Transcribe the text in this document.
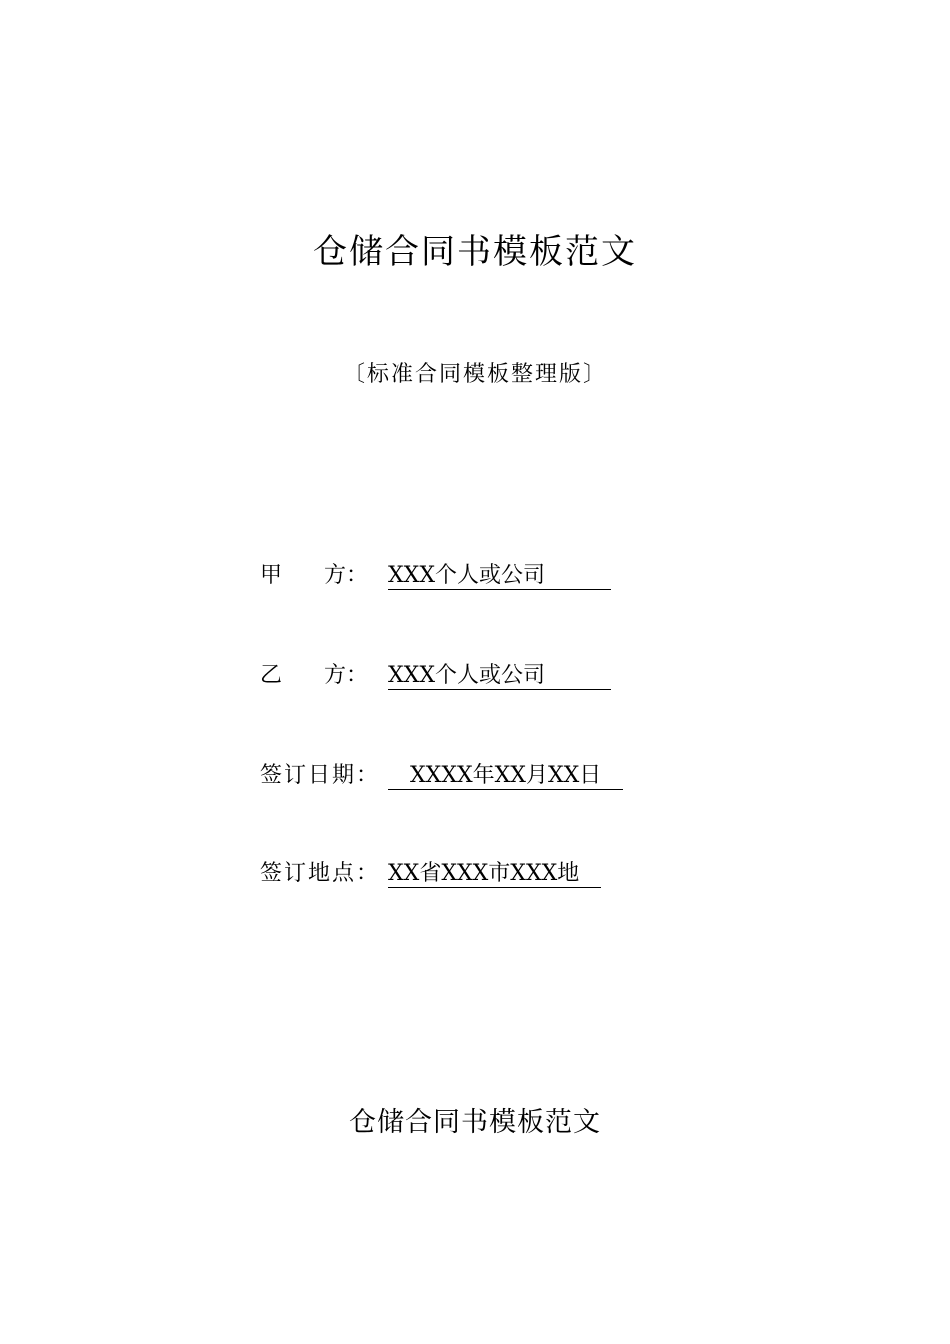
仓储合同书模板范文
〔标准合同模板整理版〕
甲 方： XXX个人或公司　　　
乙 方： XXX个人或公司　　　
签订日期：　XXXX年XX月XX日　
签订地点： XX省XXX市XXX地　
仓储合同书模板范文
